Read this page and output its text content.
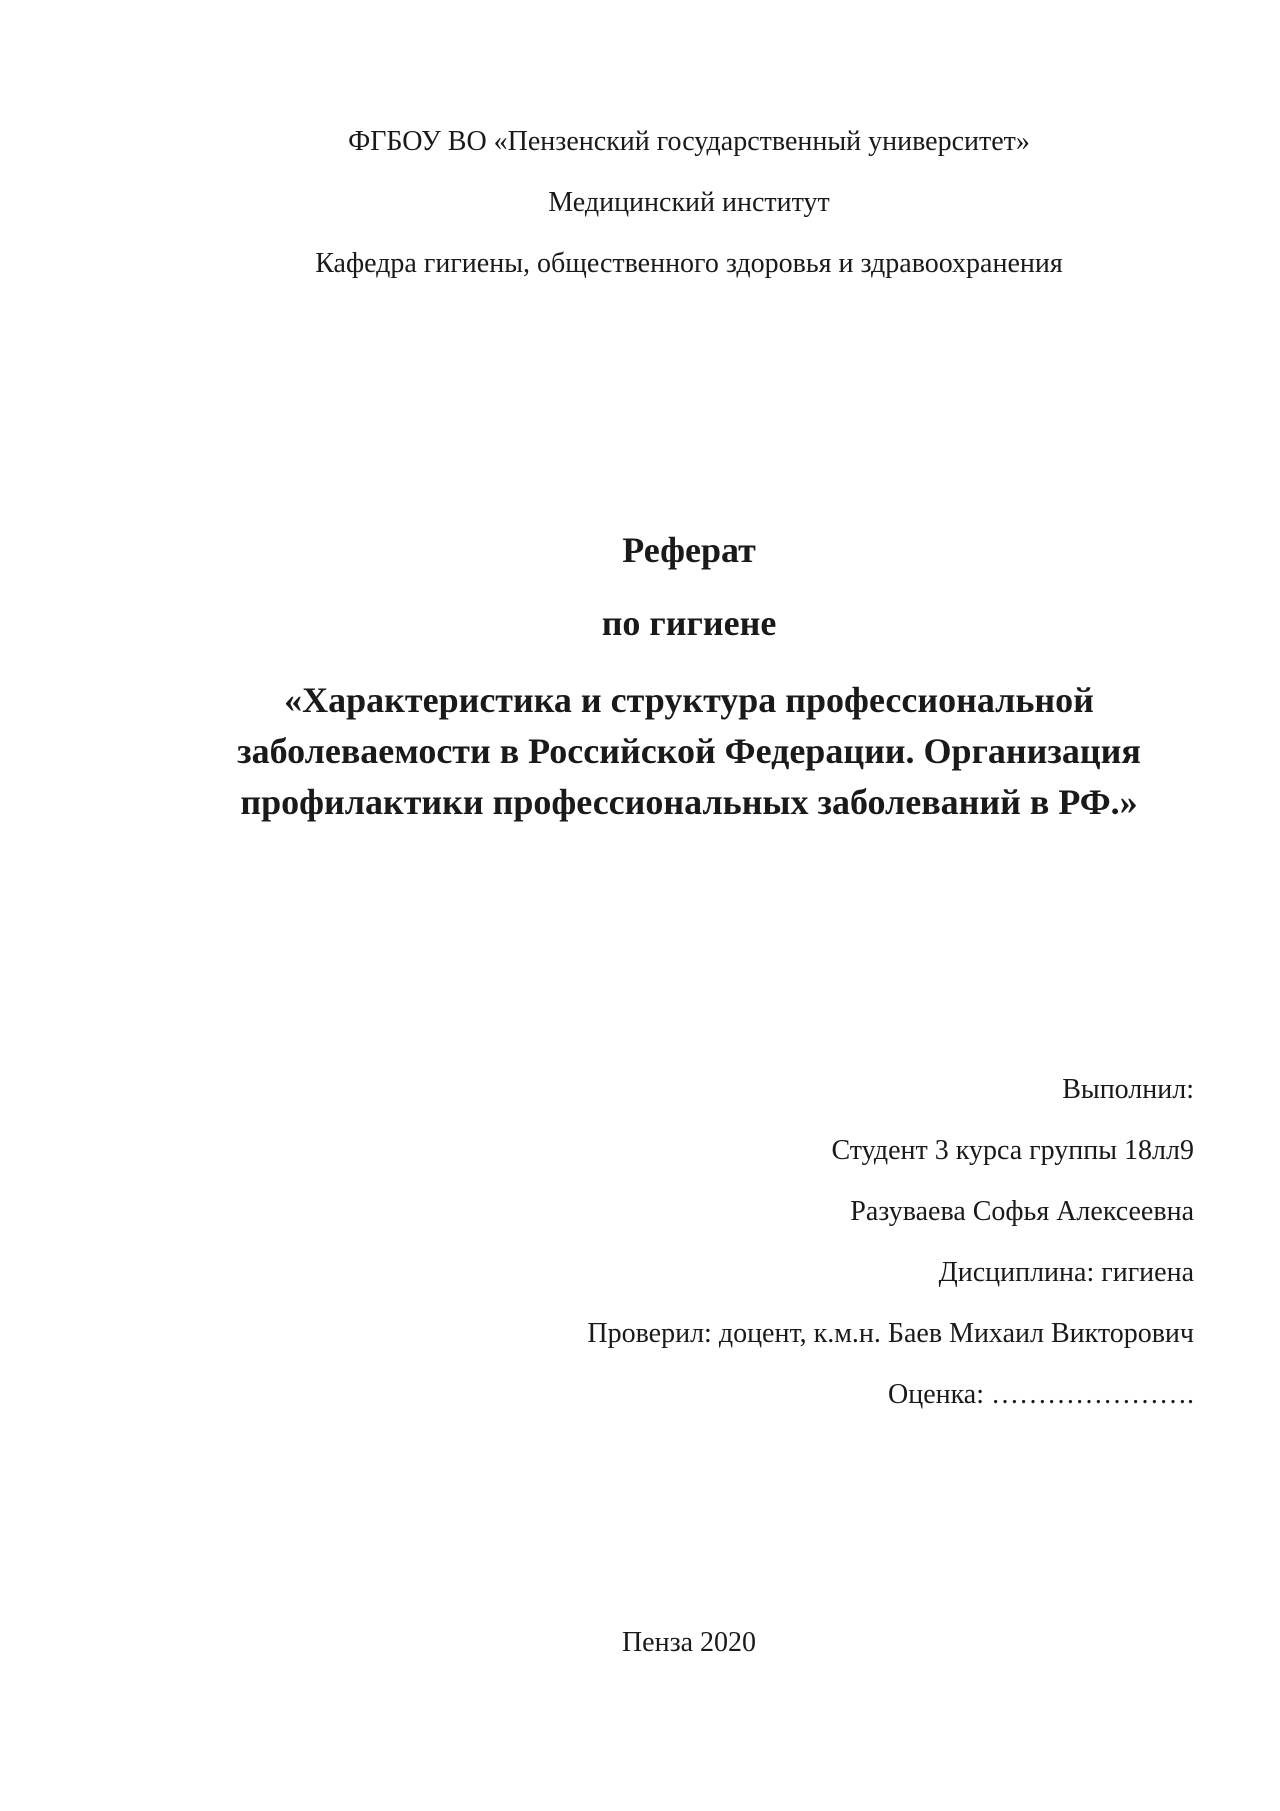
ФГБОУ ВО «Пензенский государственный университет»

Медицинский институт

Кафедра гигиены, общественного здоровья и здравоохранения

Реферат

по гигиене

«Характеристика и структура профессиональной
заболеваемости в Российской Федерации. Организация
профилактики профессиональных заболеваний в РФ.»

Выполнил:

Студент 3 курса группы 18лл9

Разуваева Софья Алексеевна

Дисциплина: гигиена

Проверил: доцент, к.м.н. Баев Михаил Викторович

Оценка: ………………….

Пенза 2020
